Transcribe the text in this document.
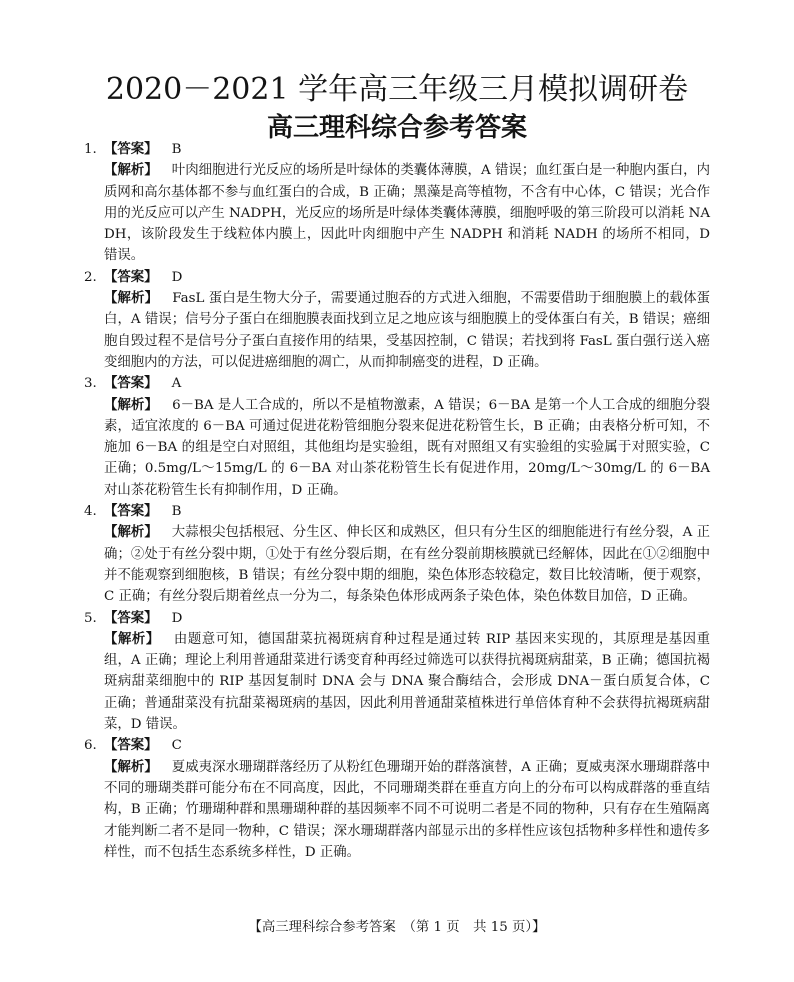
2020－2021 学年高三年级三月模拟调研卷
高三理科综合参考答案
1. 【答案】 B
【解析】 叶肉细胞进行光反应的场所是叶绿体的类囊体薄膜，A 错误；血红蛋白是一种胞内蛋白，内质网和高尔基体都不参与血红蛋白的合成，B 正确；黑藻是高等植物，不含有中心体，C 错误；光合作用的光反应可以产生 NADPH，光反应的场所是叶绿体类囊体薄膜，细胞呼吸的第三阶段可以消耗 NADH，该阶段发生于线粒体内膜上，因此叶肉细胞中产生 NADPH 和消耗 NADH 的场所不相同，D 错误。
2. 【答案】 D
【解析】 FasL 蛋白是生物大分子，需要通过胞吞的方式进入细胞，不需要借助于细胞膜上的载体蛋白，A 错误；信号分子蛋白在细胞膜表面找到立足之地应该与细胞膜上的受体蛋白有关，B 错误；癌细胞自毁过程不是信号分子蛋白直接作用的结果，受基因控制，C 错误；若找到将 FasL 蛋白强行送入癌变细胞内的方法，可以促进癌细胞的凋亡，从而抑制癌变的进程，D 正确。
3. 【答案】 A
【解析】 6－BA 是人工合成的，所以不是植物激素，A 错误；6－BA 是第一个人工合成的细胞分裂素，适宜浓度的 6－BA 可通过促进花粉管细胞分裂来促进花粉管生长，B 正确；由表格分析可知，不施加 6－BA 的组是空白对照组，其他组均是实验组，既有对照组又有实验组的实验属于对照实验，C 正确；0.5mg/L～15mg/L 的 6－BA 对山茶花粉管生长有促进作用，20mg/L～30mg/L 的 6－BA 对山茶花粉管生长有抑制作用，D 正确。
4. 【答案】 B
【解析】 大蒜根尖包括根冠、分生区、伸长区和成熟区，但只有分生区的细胞能进行有丝分裂，A 正确；②处于有丝分裂中期，①处于有丝分裂后期，在有丝分裂前期核膜就已经解体，因此在①②细胞中并不能观察到细胞核，B 错误；有丝分裂中期的细胞，染色体形态较稳定，数目比较清晰，便于观察，C 正确；有丝分裂后期着丝点一分为二，每条染色体形成两条子染色体，染色体数目加倍，D 正确。
5. 【答案】 D
【解析】 由题意可知，德国甜菜抗褐斑病育种过程是通过转 RIP 基因来实现的，其原理是基因重组，A 正确；理论上利用普通甜菜进行诱变育种再经过筛选可以获得抗褐斑病甜菜，B 正确；德国抗褐斑病甜菜细胞中的 RIP 基因复制时 DNA 会与 DNA 聚合酶结合，会形成 DNA－蛋白质复合体，C 正确；普通甜菜没有抗甜菜褐斑病的基因，因此利用普通甜菜植株进行单倍体育种不会获得抗褐斑病甜菜，D 错误。
6. 【答案】 C
【解析】 夏威夷深水珊瑚群落经历了从粉红色珊瑚开始的群落演替，A 正确；夏威夷深水珊瑚群落中不同的珊瑚类群可能分布在不同高度，因此，不同珊瑚类群在垂直方向上的分布可以构成群落的垂直结构，B 正确；竹珊瑚种群和黑珊瑚种群的基因频率不同不可说明二者是不同的物种，只有存在生殖隔离才能判断二者不是同一物种，C 错误；深水珊瑚群落内部显示出的多样性应该包括物种多样性和遗传多样性，而不包括生态系统多样性，D 正确。
【高三理科综合参考答案　（第 1 页　共 15 页）】
